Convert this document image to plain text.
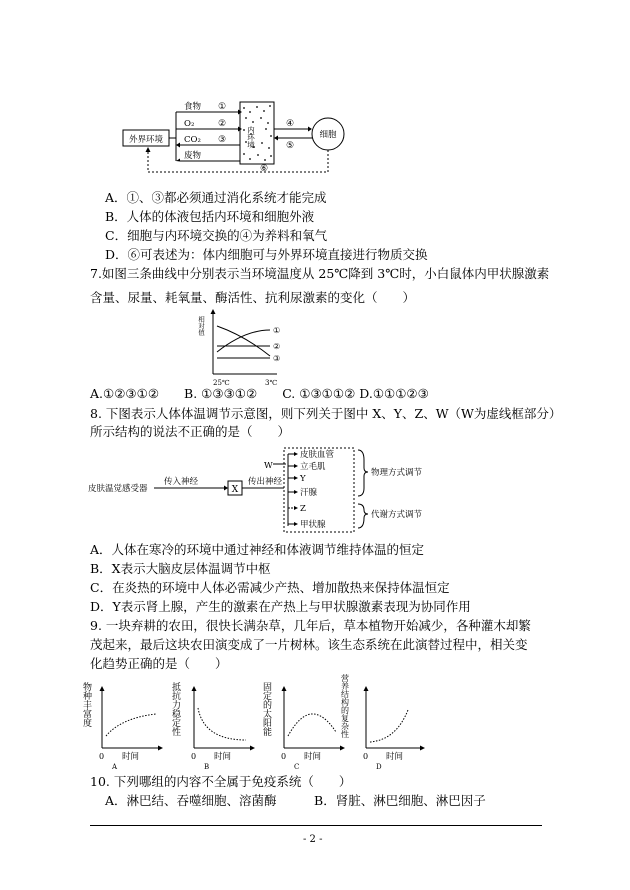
外界环境
食物
O₂
CO₂
废物
①
②
③
④
⑤
⑥
内环境	细胞
A．①、③都必须通过消化系统才能完成
B．人体的体液包括内环境和细胞外液
C．细胞与内环境交换的④为养料和氧气
D．⑥可表述为：体内细胞可与外界环境直接进行物质交换
7.如图三条曲线中分别表示当环境温度从 25℃降到 3℃时，小白鼠体内甲状腺激素
含量、尿量、耗氧量、酶活性、抗利尿激素的变化（　　）
①
②
③
相对值
25℃	3℃
A.①②③①②　　B. ①③③①②　　C. ①③①①② D.①①①②③
8. 下图表示人体体温调节示意图，则下列关于图中 X、Y、Z、W（W为虚线框部分）
所示结构的说法不正确的是（　　）
皮肤温觉感受器
传入神经
X
传出神经
W
皮肤血管
立毛肌
Y
汗腺
Z
甲状腺
物理方式调节
代谢方式调节
A．人体在寒冷的环境中通过神经和体液调节维持体温的恒定
B．X表示大脑皮层体温调节中枢
C．在炎热的环境中人体必需减少产热、增加散热来保持体温恒定
D．Y表示肾上腺，产生的激素在产热上与甲状腺激素表现为协同作用
9. 一块弃耕的农田，很快长满杂草，几年后，草本植物开始减少，各种灌木却繁
茂起来，最后这块农田演变成了一片树林。该生态系统在此演替过程中，相关变
化趋势正确的是（　　）
物种丰富度
0 时间
A
抵抗力稳定性
0 时间
B
固定的太阳能
0 时间
C
营养结构的复杂性
0 时间
D
10. 下列哪组的内容不全属于免疫系统（　　）
A．淋巴结、吞噬细胞、溶菌酶　　　B．肾脏、淋巴细胞、淋巴因子
- 2 -
